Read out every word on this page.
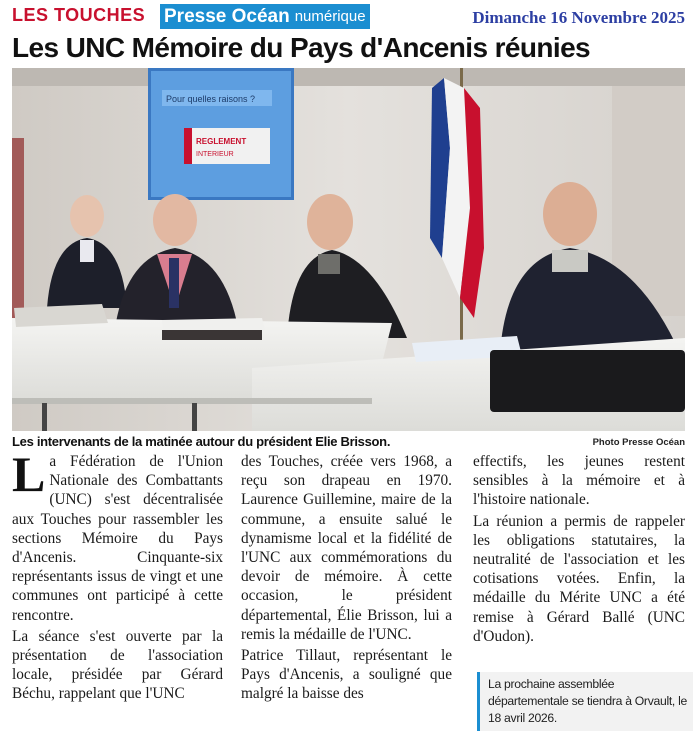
LES TOUCHES Presse Océan numérique	Dimanche 16 Novembre 2025
Les UNC Mémoire du Pays d'Ancenis réunies
Pour quelles raisons ?
REGLEMENT
INTERIEUR
Les intervenants de la matinée autour du président Elie Brisson.	Photo Presse Océan

La Fédération de l'Union Nationale des Combattants (UNC) s'est décentralisée aux Touches pour rassembler les sections Mémoire du Pays d'Ancenis. Cinquante-six représentants issus de vingt et une communes ont participé à cette rencontre.

La séance s'est ouverte par la présentation de l'association locale, présidée par Gérard Béchu, rappelant que l'UNC

des Touches, créée vers 1968, a reçu son drapeau en 1970. Laurence Guillemine, maire de la commune, a ensuite salué le dynamisme local et la fidélité de l'UNC aux commémorations du devoir de mémoire. À cette occasion, le président départemental, Élie Brisson, lui a remis la médaille de l'UNC.

Patrice Tillaut, représentant le Pays d'Ancenis, a souligné que malgré la baisse des

effectifs, les jeunes restent sensibles à la mémoire et à l'histoire nationale.

La réunion a permis de rappeler les obligations statutaires, la neutralité de l'association et les cotisations votées. Enfin, la médaille du Mérite UNC a été remise à Gérard Ballé (UNC d'Oudon).

La prochaine assemblée départementale se tiendra à Orvault, le 18 avril 2026.
